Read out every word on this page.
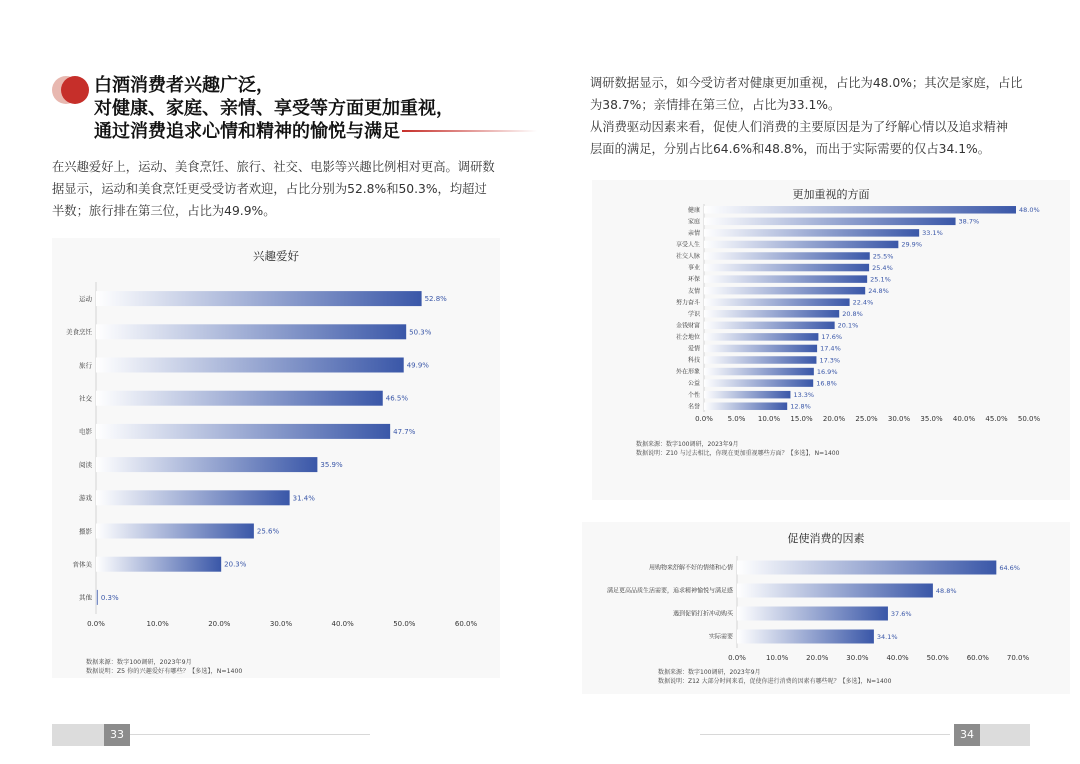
白酒消费者兴趣广泛，
对健康、家庭、亲情、享受等方面更加重视，
通过消费追求心情和精神的愉悦与满足

在兴趣爱好上，运动、美食烹饪、旅行、社交、电影等兴趣比例相对更高。调研数

据显示，运动和美食烹饪更受受访者欢迎，占比分别为52.8%和50.3%，均超过

半数；旅行排在第三位，占比为49.9%。

兴趣爱好
运动	52.8%
美食烹饪	50.3%
旅行	49.9%
社交	46.5%
电影	47.7%
阅读	35.9%
游戏	31.4%
摄影	25.6%
音体美	20.3%
其他 0.3%
0.0%	10.0%	20.0%	30.0%	40.0%	50.0%	60.0%
数据来源：数字100调研，2023年9月
数据说明：Z5 你的兴趣爱好有哪些？【多选】，N=1400
33

调研数据显示，如今受访者对健康更加重视，占比为48.0%；其次是家庭，占比

为38.7%；亲情排在第三位，占比为33.1%。

从消费驱动因素来看，促使人们消费的主要原因是为了纾解心情以及追求精神

层面的满足，分别占比64.6%和48.8%，而出于实际需要的仅占34.1%。

更加重视的方面
健康	48.0%
家庭	38.7%
亲情	33.1%
享受人生	29.9%
社交人脉	25.5%
事业	25.4%
环保	25.1%
友情	24.8%
努力奋斗	22.4%
学识	20.8%
金钱财富	20.1%
社会地位	17.6%
爱情	17.4%
科技	17.3%
外在形象	16.9%
公益	16.8%
个性	13.3%
名誉	12.8%
0.0% 5.0% 10.0% 15.0% 20.0% 25.0% 30.0% 35.0% 40.0% 45.0% 50.0%
数据来源：数字100调研，2023年9月
数据说明：Z10 与过去相比，你现在更加重视哪些方面？【多选】，N=1400
促使消费的因素
用购物来舒解不好的情绪和心情	64.6%
满足更高品质生活需要，追求精神愉悦与满足感	48.8%
遇到促销打折冲动购买	37.6%
实际需要	34.1%
0.0%	10.0%	20.0%	30.0%	40.0%	50.0%	60.0%	70.0%
数据来源：数字100调研，2023年9月
数据说明：Z12 大部分时间来看，促使你进行消费的因素有哪些呢？【多选】，N=1400
34
